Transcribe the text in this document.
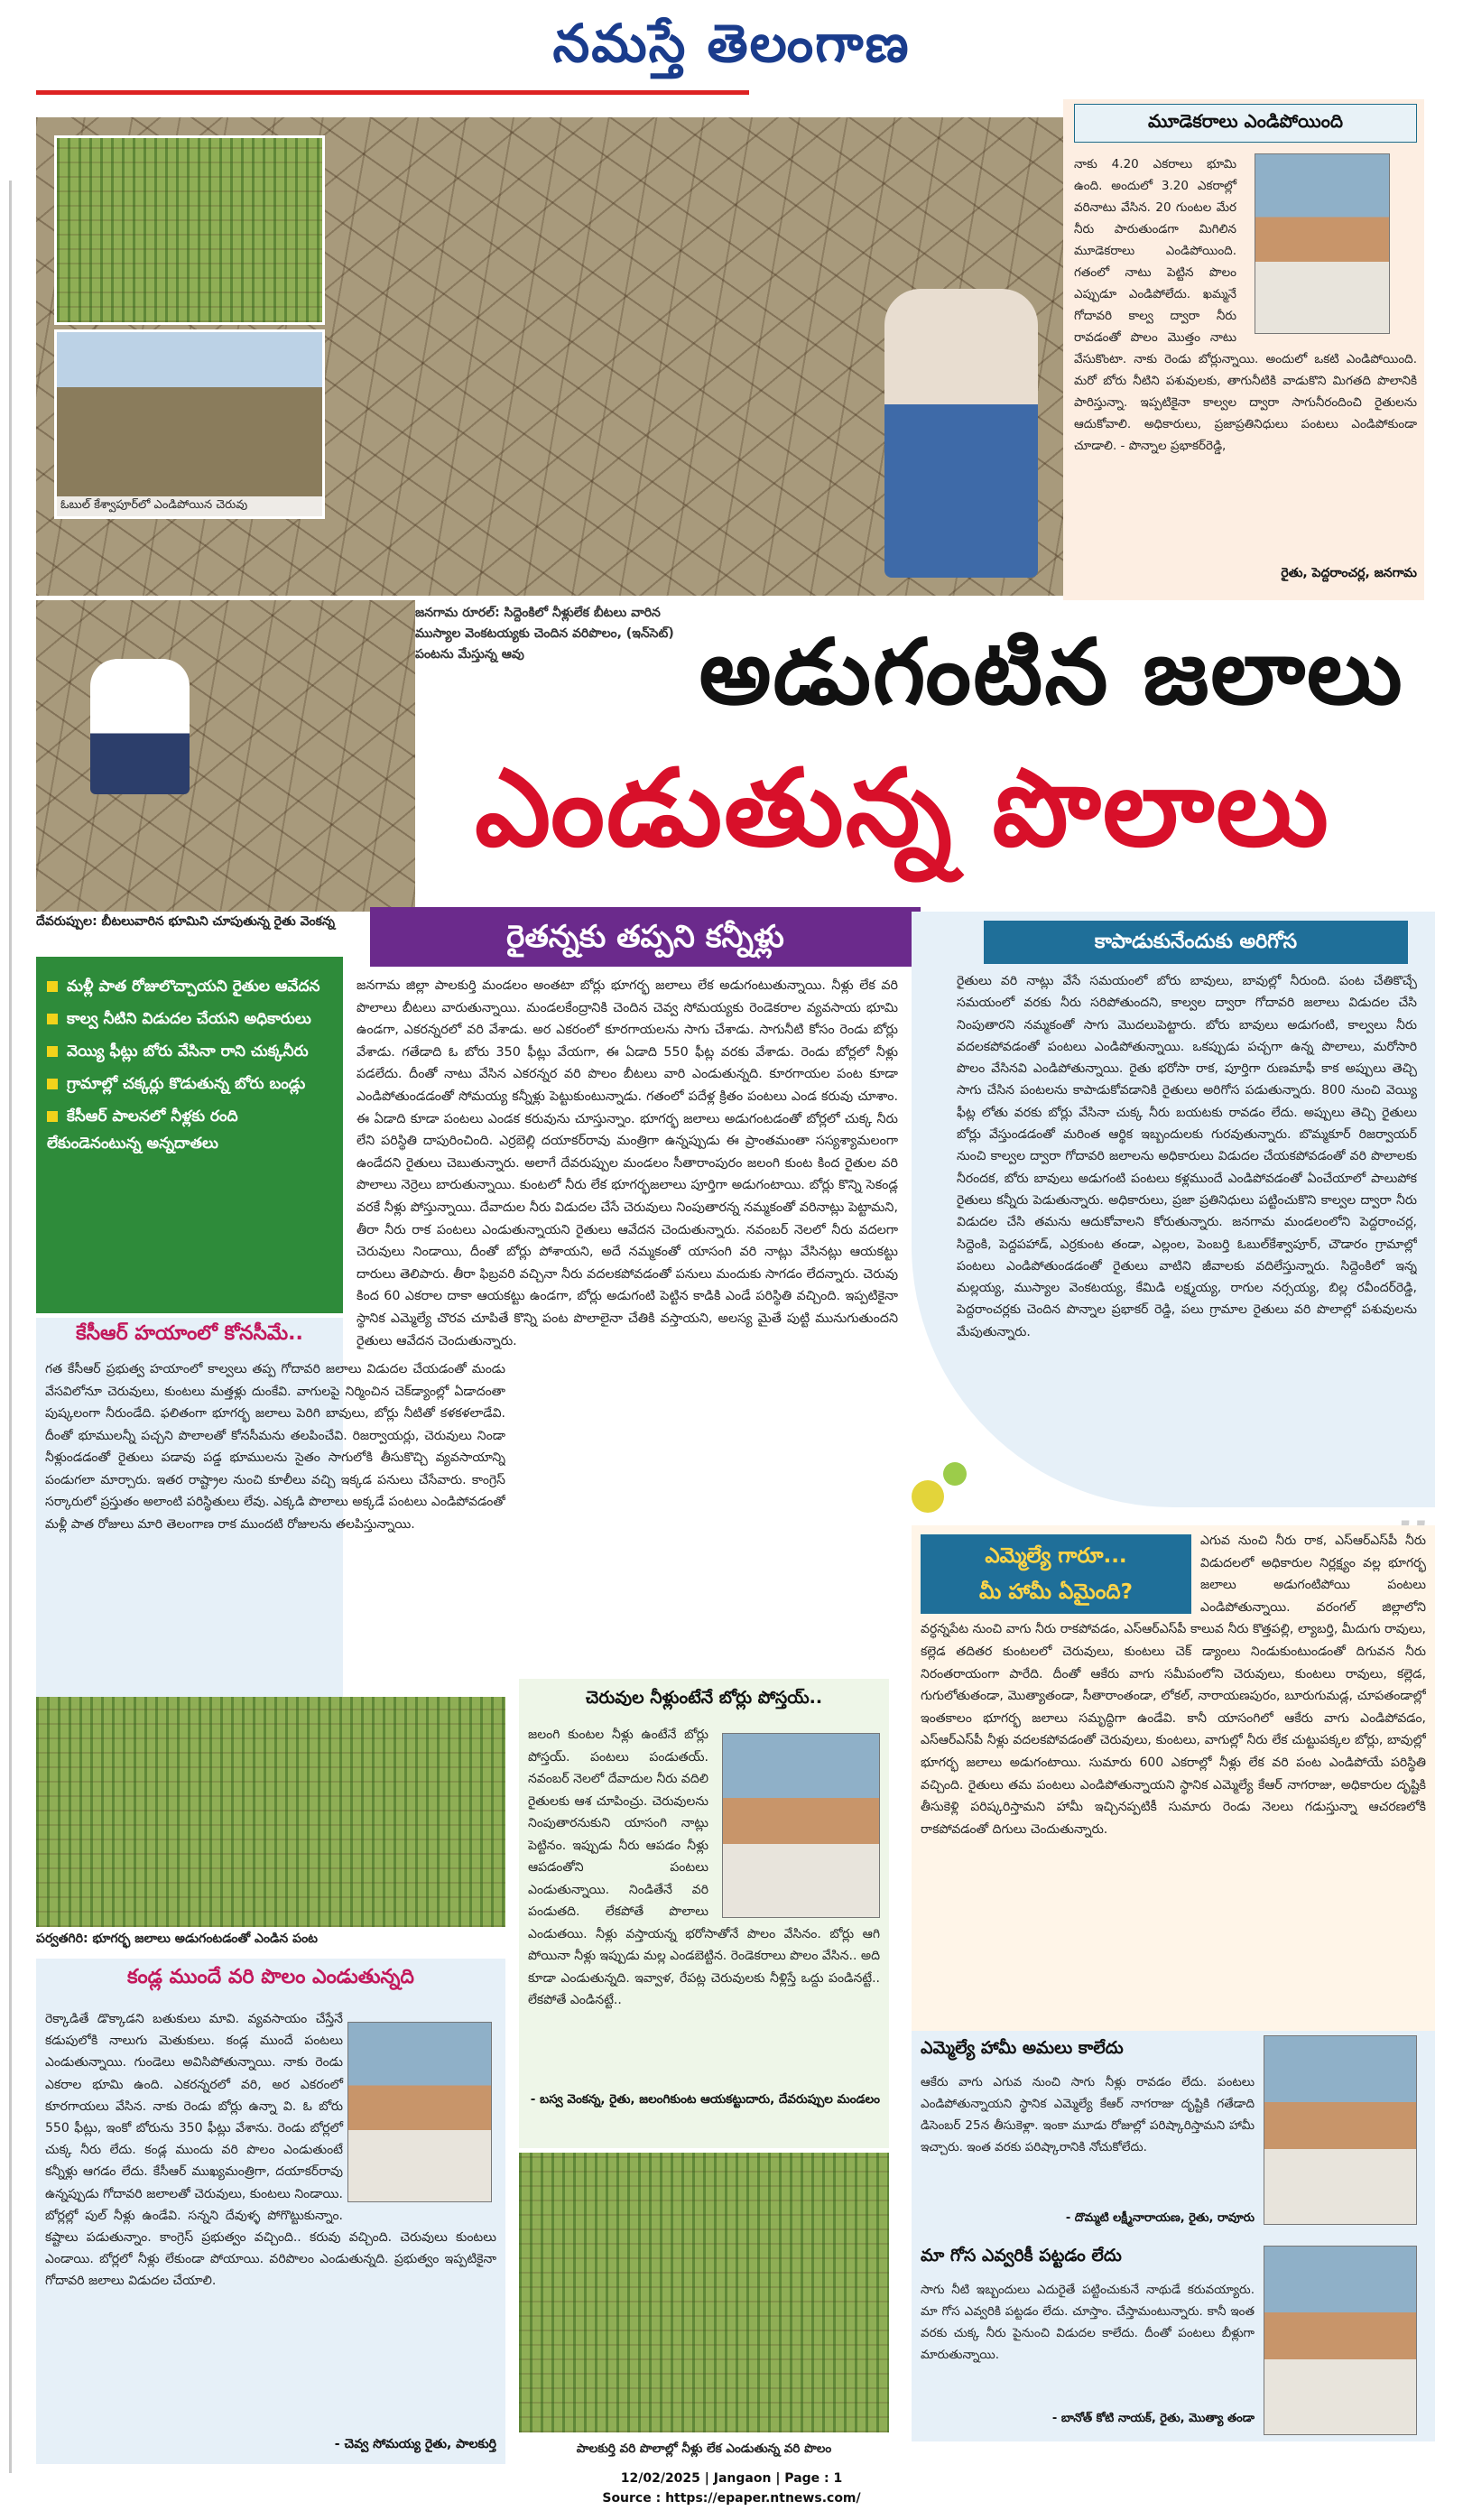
నమస్తే తెలంగాణ
ఓబుల్ కేశ్వాపూర్‌లో ఎండిపోయిన చెరువు
మూడెకరాలు ఎండిపోయింది
నాకు 4.20 ఎకరాలు భూమి ఉంది. అందులో 3.20 ఎకరాల్లో వరినాటు వేసిన. 20 గుంటల మేర నీరు పారుతుండగా మిగిలిన మూడెకరాలు ఎండిపోయింది. గతంలో నాటు పెట్టిన పొలం ఎప్పుడూ ఎండిపోలేదు. ఖమ్మనే గోదావరి కాల్వ ద్వారా నీరు రావడంతో పొలం మొత్తం నాటు వేసుకొంటా. నాకు రెండు బోర్లున్నాయి. అందులో ఒకటి ఎండిపోయింది. మరో బోరు నీటిని పశువులకు, తాగునీటికి వాడుకొని మిగతది పొలానికి పారిస్తున్నా. ఇప్పటికైనా కాల్వల ద్వారా సాగునీరందించి రైతులను ఆదుకోవాలి. అధికారులు, ప్రజాప్రతినిధులు పంటలు ఎండిపోకుండా చూడాలి. - పొన్నాల ప్రభాకర్‌రెడ్డి,
రైతు, పెద్దరాంచర్ల, జనగామ
జనగామ రూరల్: సిద్దెంకిలో నీళ్లులేక బీటలు వారిన ముస్యాల వెంకటయ్యకు చెందిన వరిపొలం, (ఇన్‌సెట్) పంటను మేస్తున్న ఆవు
దేవరుప్పుల: బీటలువారిన భూమిని చూపుతున్న రైతు వెంకన్న
అడుగంటిన జలాలు
ఎండుతున్న పొలాలు
రైతన్నకు తప్పని కన్నీళ్లు
మళ్లీ పాత రోజులొచ్చాయని రైతుల ఆవేదన
కాల్వ నీటిని విడుదల చేయని అధికారులు
వెయ్యి ఫీట్లు బోరు వేసినా రాని చుక్కనీరు
గ్రామాల్లో చక్కర్లు కొడుతున్న బోరు బండ్లు
కేసీఆర్ పాలనలో నీళ్లకు రంది లేకుండెనంటున్న అన్నదాతలు
జనగామ జిల్లా పాలకుర్తి మండలం అంతటా బోర్లు భూగర్భ జలాలు లేక అడుగంటుతున్నాయి. నీళ్లు లేక వరి పొలాలు బీటలు వారుతున్నాయి. మండలకేంద్రానికి చెందిన చెవ్వ సోమయ్యకు రెండెకరాల వ్యవసాయ భూమి ఉండగా, ఎకరన్నరలో వరి వేశాడు. అర ఎకరంలో కూరగాయలను సాగు చేశాడు. సాగునీటి కోసం రెండు బోర్లు వేశాడు. గతేడాది ఓ బోరు 350 ఫీట్లు వేయగా, ఈ ఏడాది 550 ఫీట్ల వరకు వేశాడు. రెండు బోర్లలో నీళ్లు పడలేదు. దీంతో నాటు వేసిన ఎకరన్నర వరి పొలం బీటలు వారి ఎండుతున్నది. కూరగాయల పంట కూడా ఎండిపోతుండడంతో సోమయ్య కన్నీళ్లు పెట్టుకుంటున్నాడు. గతంలో పదేళ్ల క్రితం పంటలు ఎండ కరువు చూశాం. ఈ ఏడాది కూడా పంటలు ఎండక కరువును చూస్తున్నాం. భూగర్భ జలాలు అడుగంటడంతో బోర్లలో చుక్క నీరు లేని పరిస్థితి దాపురించింది. ఎర్రబెల్లి దయాకర్‌రావు మంత్రిగా ఉన్నప్పుడు ఈ ప్రాంతమంతా సస్యశ్యామలంగా ఉండేదని రైతులు చెబుతున్నారు. అలాగే దేవరుప్పుల మండలం సీతారాంపురం జలంగి కుంట కింద రైతుల వరి పొలాలు నెర్రెలు బారుతున్నాయి. కుంటలో నీరు లేక భూగర్భజలాలు పూర్తిగా అడుగంటాయి. బోర్లు కొన్ని సెకండ్ల వరకే నీళ్లు పోస్తున్నాయి. దేవాదుల నీరు విడుదల చేసే చెరువులు నింపుతారన్న నమ్మకంతో వరినాట్లు పెట్టామని, తీరా నీరు రాక పంటలు ఎండుతున్నాయని రైతులు ఆవేదన చెందుతున్నారు. నవంబర్ నెలలో నీరు వదలగా చెరువులు నిండాయి, దీంతో బోర్లు పోశాయని, అదే నమ్మకంతో యాసంగి వరి నాట్లు వేసినట్లు ఆయకట్టు దారులు తెలిపారు. తీరా ఫిబ్రవరి వచ్చినా నీరు వదలకపోవడంతో పనులు మందుకు సాగడం లేదన్నారు. చెరువు కింద 60 ఎకరాల దాకా ఆయకట్టు ఉండగా, బోర్లు అడుగంటి పెట్టిన కాడికి ఎండే పరిస్థితి వచ్చింది. ఇప్పటికైనా స్థానిక ఎమ్మెల్యే చొరవ చూపితే కొన్ని పంట పొలాలైనా చేతికి వస్తాయని, అలస్య మైతే పుట్టి మునుగుతుందని రైతులు ఆవేదన చెందుతున్నారు.
కేసీఆర్ హయాంలో కోనసీమే..
గత కేసీఆర్ ప్రభుత్వ హయాంలో కాల్వలు తప్ప గోదావరి జలాలు విడుదల చేయడంతో మండు వేసవిలోనూ చెరువులు, కుంటలు మత్తళ్లు దుంకేవి. వాగులపై నిర్మించిన చెక్‌డ్యాంల్లో ఏడాదంతా పుష్కలంగా నీరుండేది. ఫలితంగా భూగర్భ జలాలు పెరిగి బావులు, బోర్లు నీటితో కళకళలాడేవి. దీంతో భూములన్నీ పచ్చని పొలాలతో కోనసీమను తలపించేవి. రిజర్వాయర్లు, చెరువులు నిండా నీళ్లుండడంతో రైతులు పడావు పడ్డ భూములను సైతం సాగులోకి తీసుకొచ్చి వ్యవసాయాన్ని పండుగలా మార్చారు. ఇతర రాష్ట్రాల నుంచి కూలీలు వచ్చి ఇక్కడ పనులు చేసేవారు. కాంగ్రెస్ సర్కారులో ప్రస్తుతం అలాంటి పరిస్థితులు లేవు. ఎక్కడి పొలాలు అక్కడే పంటలు ఎండిపోవడంతో మళ్లీ పాత రోజులు మారి తెలంగాణ రాక ముందటి రోజులను తలపిస్తున్నాయి.
పర్వతగిరి: భూగర్భ జలాలు అడుగంటడంతో ఎండిన పంట
కండ్ల ముందే వరి పొలం ఎండుతున్నది
రెక్కాడితే డొక్కాడని బతుకులు మావి. వ్యవసాయం చేస్తేనే కడుపులోకి నాలుగు మెతుకులు. కండ్ల ముందే పంటలు ఎండుతున్నాయి. గుండెలు అవిసిపోతున్నాయి. నాకు రెండు ఎకరాల భూమి ఉంది. ఎకరన్నరలో వరి, అర ఎకరంలో కూరగాయలు వేసిన. నాకు రెండు బోర్లు ఉన్నా వి. ఓ బోరు 550 ఫీట్లు, ఇంకో బోరును 350 ఫీట్లు వేశాను. రెండు బోర్లలో చుక్క నీరు లేదు. కండ్ల ముందు వరి పొలం ఎండుతుంటే కన్నీళ్లు ఆగడం లేదు. కేసీఆర్ ముఖ్యమంత్రిగా, దయాకర్‌రావు ఉన్నప్పుడు గోదావరి జలాలతో చెరువులు, కుంటలు నిండాయి. బోర్లల్లో పుల్ నీళ్లు ఉండేవి. సన్నని దేవుళ్ళ పోగొట్టుకున్నాం. కష్టాలు పడుతున్నాం. కాంగ్రెస్ ప్రభుత్వం వచ్చింది.. కరువు వచ్చింది. చెరువులు కుంటలు ఎండాయి. బోర్లలో నీళ్లు లేకుండా పోయాయి. వరిపొలం ఎండుతున్నది. ప్రభుత్వం ఇప్పటికైనా గోదావరి జలాలు విడుదల చేయాలి.
- చెవ్వ సోమయ్య రైతు, పాలకుర్తి
చెరువుల నీళ్లుంటేనే బోర్లు పోస్తయ్..
జలంగి కుంటల నీళ్లు ఉంటేనే బోర్లు పోస్తయ్. పంటలు పండుతయ్. నవంబర్ నెలలో దేవాదుల నీరు వదిలి రైతులకు ఆశ చూపించ్రు. చెరువులను నింపుతారనుకుని యాసంగి నాట్లు పెట్టినం. ఇప్పుడు నీరు ఆపడం నీళ్లు ఆపడంతోని పంటలు ఎండుతున్నాయి. నిండితేనే వరి పండుతది. లేకపోతే పొలాలు ఎండుతయి. నీళ్లు వస్తాయన్న భరోసాతోనే పొలం వేసినం. బోర్లు ఆగి పోయినా నీళ్లు ఇప్పుడు మల్ల ఎండబెట్టిన. రెండెకరాలు పొలం వేసిన.. అది కూడా ఎండుతున్నది. ఇవ్వాళ, రేపట్ల చెరువులకు నీళ్లిస్తే ఒద్దు పండినట్టే.. లేకపోతే ఎండినట్టే..
- బస్వ వెంకన్న, రైతు, జలంగికుంట ఆయకట్టుదారు, దేవరుప్పుల మండలం
పాలకుర్తి వరి పొలాల్లో నీళ్లు లేక ఎండుతున్న వరి పొలం
కాపాడుకునేందుకు అరిగోస
రైతులు వరి నాట్లు వేసే సమయంలో బోరు బావులు, బావుల్లో నీరుంది. పంట చేతికొచ్చే సమయంలో వరకు నీరు సరిపోతుందని, కాల్వల ద్వారా గోదావరి జలాలు విడుదల చేసి నింపుతారని నమ్మకంతో సాగు మొదలుపెట్టారు. బోరు బావులు అడుగంటి, కాల్వలు నీరు వదలకపోవడంతో పంటలు ఎండిపోతున్నాయి. ఒకప్పుడు పచ్చగా ఉన్న పొలాలు, మరోసారి పొలం వేసినవి ఎండిపోతున్నాయి. రైతు భరోసా రాక, పూర్తిగా రుణమాఫీ కాక అప్పులు తెచ్చి సాగు చేసిన పంటలను కాపాడుకోవడానికి రైతులు అరిగోస పడుతున్నారు. 800 నుంచి వెయ్యి ఫీట్ల లోతు వరకు బోర్లు వేసినా చుక్క నీరు బయటకు రావడం లేదు. అప్పులు తెచ్చి రైతులు బోర్లు వేస్తుండడంతో మరింత ఆర్థిక ఇబ్బందులకు గురవుతున్నారు. బొమ్మకూర్ రిజర్వాయర్ నుంచి కాల్వల ద్వారా గోదావరి జలాలను అధికారులు విడుదల చేయకపోవడంతో వరి పొలాలకు నీరందక, బోరు బావులు అడుగంటి పంటలు కళ్లముందే ఎండిపోవడంతో ఏంచేయాలో పాలుపోక రైతులు కన్నీరు పెడుతున్నారు. అధికారులు, ప్రజా ప్రతినిధులు పట్టించుకొని కాల్వల ద్వారా నీరు విడుదల చేసి తమను ఆదుకోవాలని కోరుతున్నారు. జనగామ మండలంలోని పెద్దరాంచర్ల, సిద్దెంకి, పెద్దపహాడ్, ఎర్రకుంట తండా, ఎల్లంల, పెంబర్తి ఓబుల్‌కేశ్వాపూర్, చౌడారం గ్రామాల్లో పంటలు ఎండిపోతుండడంతో రైతులు వాటిని జీవాలకు వదిలేస్తున్నారు. సిద్దెంకిలో ఇన్న మల్లయ్య, ముస్యాల వెంకటయ్య, కేమిడి లక్ష్మయ్య, రాగుల నర్సయ్య, బిల్ల రవీందర్‌రెడ్డి, పెద్దరాంచర్లకు చెందిన పొన్నాల ప్రభాకర్ రెడ్డి, పలు గ్రామాల రైతులు వరి పొలాల్లో పశువులను మేపుతున్నారు.
ఎమ్మెల్యే గారూ...
మీ హామీ ఏమైంది?
ఎగువ నుంచి నీరు రాక, ఎస్‌ఆర్‌ఎస్‌పీ నీరు విడుదలలో అధికారుల నిర్లక్ష్యం వల్ల భూగర్భ జలాలు అడుగంటిపోయి పంటలు ఎండిపోతున్నాయి. వరంగల్ జిల్లాలోని వర్ధన్నపేట నుంచి వాగు నీరు రాకపోవడం, ఎస్‌ఆర్‌ఎస్‌పీ కాలువ నీరు కొత్తపల్లి, ల్యాబర్తి, మీదుగు రావులు, కల్లెడ తదితర కుంటలలో చెరువులు, కుంటలు చెక్ డ్యాంలు నిండుకుంటుండంతో దిగువన నీరు నిరంతరాయంగా పారేది. దీంతో ఆకేరు వాగు సమీపంలోని చెరువులు, కుంటలు రావులు, కల్లెడ, గుగులోతుతండా, మొత్యాతండా, సీతారాంతండా, లోకల్, నారాయణపురం, బూరుగుమడ్ల, చూపతండాల్లో ఇంతకాలం భూగర్భ జలాలు సమృద్ధిగా ఉండేవి. కానీ యాసంగిలో ఆకేరు వాగు ఎండిపోవడం, ఎస్‌ఆర్‌ఎస్‌పీ నీళ్లు వదలకపోవడంతో చెరువులు, కుంటలు, వాగుల్లో నీరు లేక చుట్టుపక్కల బోర్లు, బావుల్లో భూగర్భ జలాలు అడుగంటాయి. సుమారు 600 ఎకరాల్లో నీళ్లు లేక వరి పంట ఎండిపోయే పరిస్థితి వచ్చింది. రైతులు తమ పంటలు ఎండిపోతున్నాయని స్థానిక ఎమ్మెల్యే కేఆర్ నాగరాజు, అధికారుల దృష్టికి తీసుకెళ్లి పరిష్కరిస్తామని హామీ ఇచ్చినప్పటికీ సుమారు రెండు నెలలు గడుస్తున్నా ఆచరణలోకి రాకపోవడంతో దిగులు చెందుతున్నారు.
ఎమ్మెల్యే హామీ అమలు కాలేదు
ఆకేరు వాగు ఎగువ నుంచి సాగు నీళ్లు రావడం లేదు. పంటలు ఎండిపోతున్నాయని స్థానిక ఎమ్మెల్యే కేఆర్ నాగరాజు దృష్టికి గతేడాది డిసెంబర్ 25న తీసుకెళ్లా. ఇంకా మూడు రోజుల్లో పరిష్కారిస్తామని హామీ ఇచ్చారు. ఇంత వరకు పరిష్కారానికి నోచుకోలేదు.
- దొమ్మటి లక్ష్మీనారాయణ, రైతు, రావూరు
మా గోస ఎవ్వరికీ పట్టడం లేదు
సాగు నీటి ఇబ్బందులు ఎదురైతే పట్టించుకునే నాథుడే కరువయ్యారు. మా గోస ఎవ్వరికి పట్టడం లేదు. చూస్తాం. చేస్తామంటున్నారు. కానీ ఇంత వరకు చుక్క నీరు పైనుంచి విడుదల కాలేదు. దీంతో పంటలు బీళ్లుగా మారుతున్నాయి.
- బానోత్ కోటి నాయక్, రైతు, మొత్యా తండా
12/02/2025 | Jangaon | Page : 1
Source : https://epaper.ntnews.com/
